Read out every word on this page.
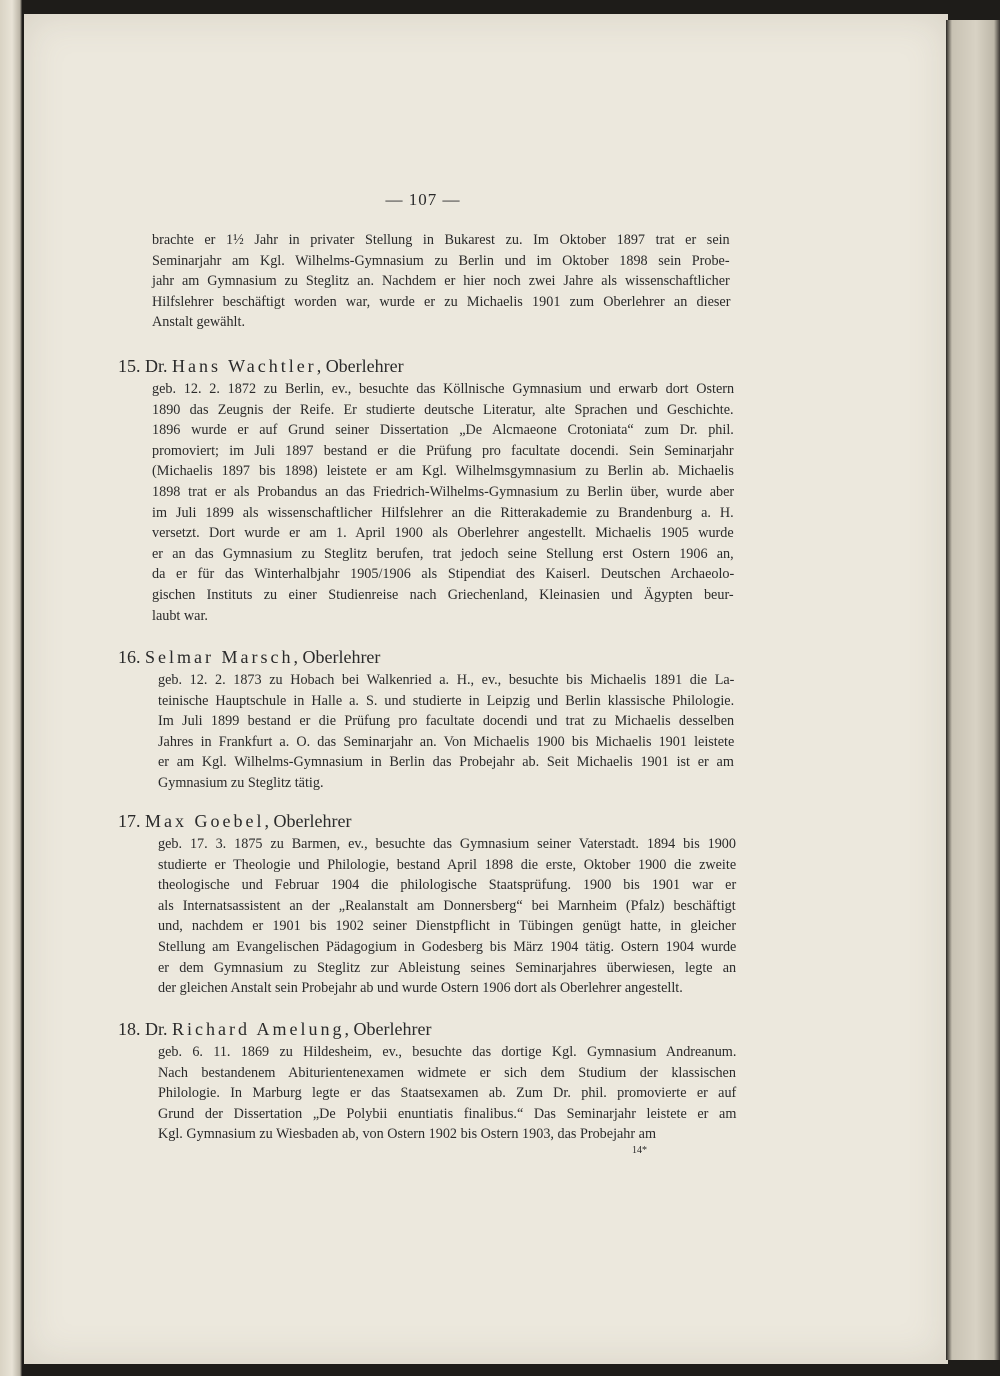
— 107 —

brachte er 1½ Jahr in privater Stellung in Bukarest zu. Im Oktober 1897 trat er sein
Seminarjahr am Kgl. Wilhelms-Gymnasium zu Berlin und im Oktober 1898 sein Probe-
jahr am Gymnasium zu Steglitz an. Nachdem er hier noch zwei Jahre als wissenschaftlicher
Hilfslehrer beschäftigt worden war, wurde er zu Michaelis 1901 zum Oberlehrer an dieser
Anstalt gewählt.

15. Dr. Hans Wachtler, Oberlehrer

geb. 12. 2. 1872 zu Berlin, ev., besuchte das Köllnische Gymnasium und erwarb dort Ostern
1890 das Zeugnis der Reife. Er studierte deutsche Literatur, alte Sprachen und Geschichte.
1896 wurde er auf Grund seiner Dissertation „De Alcmaeone Crotoniata“ zum Dr. phil.
promoviert; im Juli 1897 bestand er die Prüfung pro facultate docendi. Sein Seminarjahr
(Michaelis 1897 bis 1898) leistete er am Kgl. Wilhelmsgymnasium zu Berlin ab. Michaelis
1898 trat er als Probandus an das Friedrich-Wilhelms-Gymnasium zu Berlin über, wurde aber
im Juli 1899 als wissenschaftlicher Hilfslehrer an die Ritterakademie zu Brandenburg a. H.
versetzt. Dort wurde er am 1. April 1900 als Oberlehrer angestellt. Michaelis 1905 wurde
er an das Gymnasium zu Steglitz berufen, trat jedoch seine Stellung erst Ostern 1906 an,
da er für das Winterhalbjahr 1905/1906 als Stipendiat des Kaiserl. Deutschen Archaeolo-
gischen Instituts zu einer Studienreise nach Griechenland, Kleinasien und Ägypten beur-
laubt war.

16. Selmar Marsch, Oberlehrer

geb. 12. 2. 1873 zu Hobach bei Walkenried a. H., ev., besuchte bis Michaelis 1891 die La-
teinische Hauptschule in Halle a. S. und studierte in Leipzig und Berlin klassische Philologie.
Im Juli 1899 bestand er die Prüfung pro facultate docendi und trat zu Michaelis desselben
Jahres in Frankfurt a. O. das Seminarjahr an. Von Michaelis 1900 bis Michaelis 1901 leistete
er am Kgl. Wilhelms-Gymnasium in Berlin das Probejahr ab. Seit Michaelis 1901 ist er am
Gymnasium zu Steglitz tätig.

17. Max Goebel, Oberlehrer

geb. 17. 3. 1875 zu Barmen, ev., besuchte das Gymnasium seiner Vaterstadt. 1894 bis 1900
studierte er Theologie und Philologie, bestand April 1898 die erste, Oktober 1900 die zweite
theologische und Februar 1904 die philologische Staatsprüfung. 1900 bis 1901 war er
als Internatsassistent an der „Realanstalt am Donnersberg“ bei Marnheim (Pfalz) beschäftigt
und, nachdem er 1901 bis 1902 seiner Dienstpflicht in Tübingen genügt hatte, in gleicher
Stellung am Evangelischen Pädagogium in Godesberg bis März 1904 tätig. Ostern 1904 wurde
er dem Gymnasium zu Steglitz zur Ableistung seines Seminarjahres überwiesen, legte an
der gleichen Anstalt sein Probejahr ab und wurde Ostern 1906 dort als Oberlehrer angestellt.

18. Dr. Richard Amelung, Oberlehrer

geb. 6. 11. 1869 zu Hildesheim, ev., besuchte das dortige Kgl. Gymnasium Andreanum.
Nach bestandenem Abiturientenexamen widmete er sich dem Studium der klassischen
Philologie. In Marburg legte er das Staatsexamen ab. Zum Dr. phil. promovierte er auf
Grund der Dissertation „De Polybii enuntiatis finalibus.“ Das Seminarjahr leistete er am
Kgl. Gymnasium zu Wiesbaden ab, von Ostern 1902 bis Ostern 1903, das Probejahr am

14*
